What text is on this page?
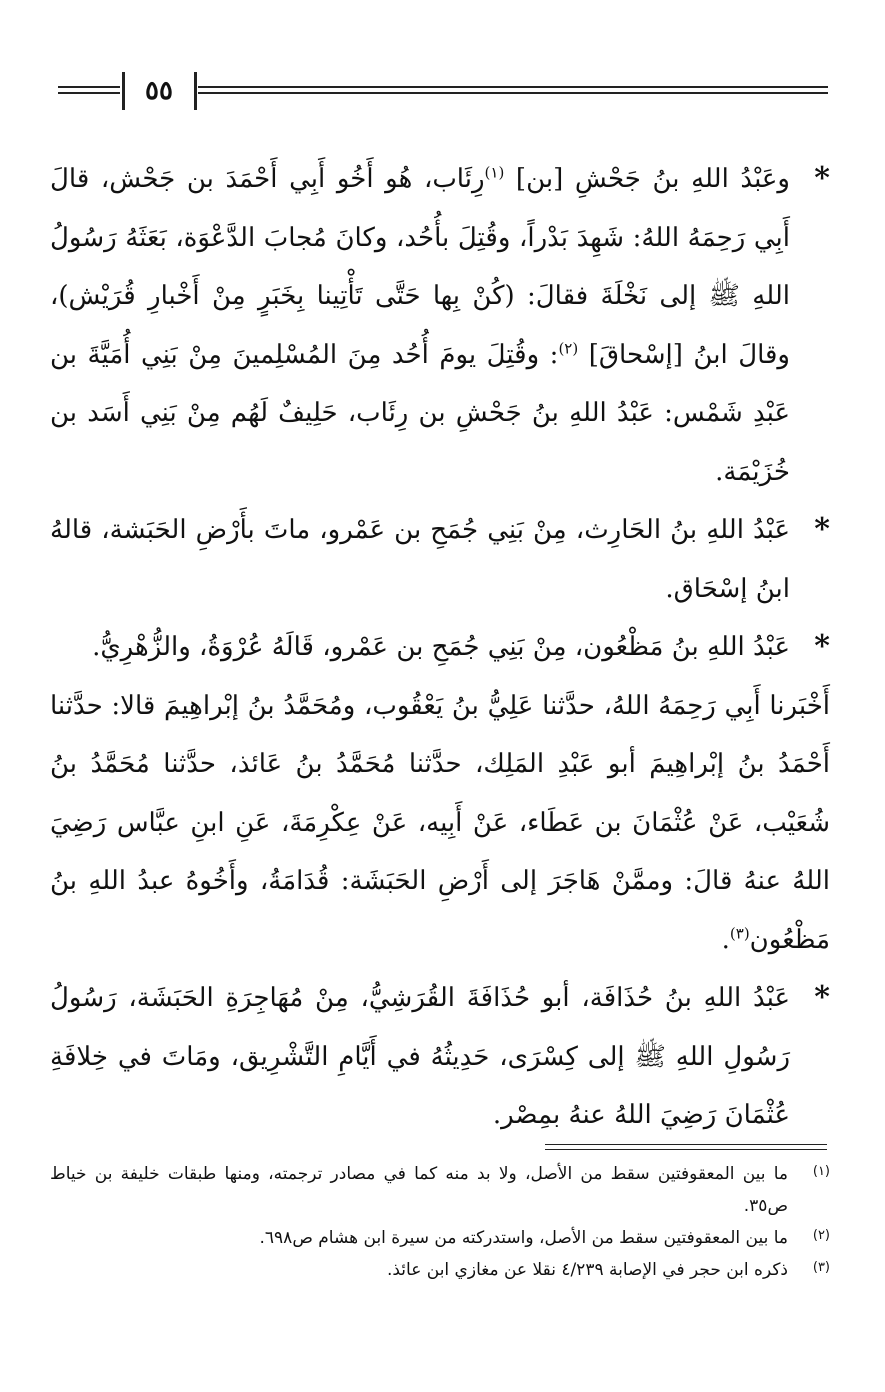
٥٥

*
وعَبْدُ اللهِ بنُ جَحْشِ [بن] $^{(١)}$رِئَاب، هُو أَخُو أَبِي أَحْمَدَ بن جَحْش، قالَ أَبِي رَحِمَهُ اللهُ: شَهِدَ بَدْراً، وقُتِلَ بأُحُد، وكانَ مُجابَ الدَّعْوَة، بَعَثَهُ رَسُولُ اللهِ ﷺ إلى نَخْلَةَ فقالَ: (كُنْ بِها حَتَّى تَأْتِينا بِخَبَرٍ مِنْ أَخْبارِ قُرَيْش)، وقالَ ابنُ [إسْحاقَ] $^{(٢)}$: وقُتِلَ يومَ أُحُد مِنَ المُسْلِمينَ مِنْ بَنِي أُمَيَّةَ بن عَبْدِ شَمْس: عَبْدُ اللهِ بنُ جَحْشِ بن رِئَاب، حَلِيفٌ لَهُم مِنْ بَنِي أَسَد بن خُزَيْمَة.

*
عَبْدُ اللهِ بنُ الحَارِث، مِنْ بَنِي جُمَحِ بن عَمْرو، ماتَ بأَرْضِ الحَبَشة، قالهُ ابنُ إسْحَاق.

*
عَبْدُ اللهِ بنُ مَظْعُون، مِنْ بَنِي جُمَحِ بن عَمْرو، قَالَهُ عُرْوَةُ، والزُّهْرِيُّ.

أَخْبَرنا أَبِي رَحِمَهُ اللهُ، حدَّثنا عَلِيُّ بنُ يَعْقُوب، ومُحَمَّدُ بنُ إبْراهِيمَ قالا: حدَّثنا أَحْمَدُ بنُ إبْراهِيمَ أبو عَبْدِ المَلِك، حدَّثنا مُحَمَّدُ بنُ عَائذ، حدَّثنا مُحَمَّدُ بنُ شُعَيْب، عَنْ عُثْمَانَ بن عَطَاء، عَنْ أَبِيه، عَنْ عِكْرِمَةَ، عَنِ ابنِ عبَّاس رَضِيَ اللهُ عنهُ قالَ: وممَّنْ هَاجَرَ إلى أَرْضِ الحَبَشَة: قُدَامَةُ، وأَخُوهُ عبدُ اللهِ بنُ مَظْعُون$^{(٣)}$.

*
عَبْدُ اللهِ بنُ حُذَافَة، أبو حُذَافَةَ القُرَشِيُّ، مِنْ مُهَاجِرَةِ الحَبَشَة، رَسُولُ رَسُولِ اللهِ ﷺ إلى كِسْرَى، حَدِيثُهُ في أَيَّامِ التَّشْرِيق، ومَاتَ في خِلافَةِ عُثْمَانَ رَضِيَ اللهُ عنهُ بمِصْر.

(١)
ما بين المعقوفتين سقط من الأصل، ولا بد منه كما في مصادر ترجمته، ومنها طبقات خليفة بن خياط ص٣٥.

(٢)
ما بين المعقوفتين سقط من الأصل، واستدركته من سيرة ابن هشام ص٦٩٨.

(٣)
ذكره ابن حجر في الإصابة ٤/٢٣٩ نقلا عن مغازي ابن عائذ.
